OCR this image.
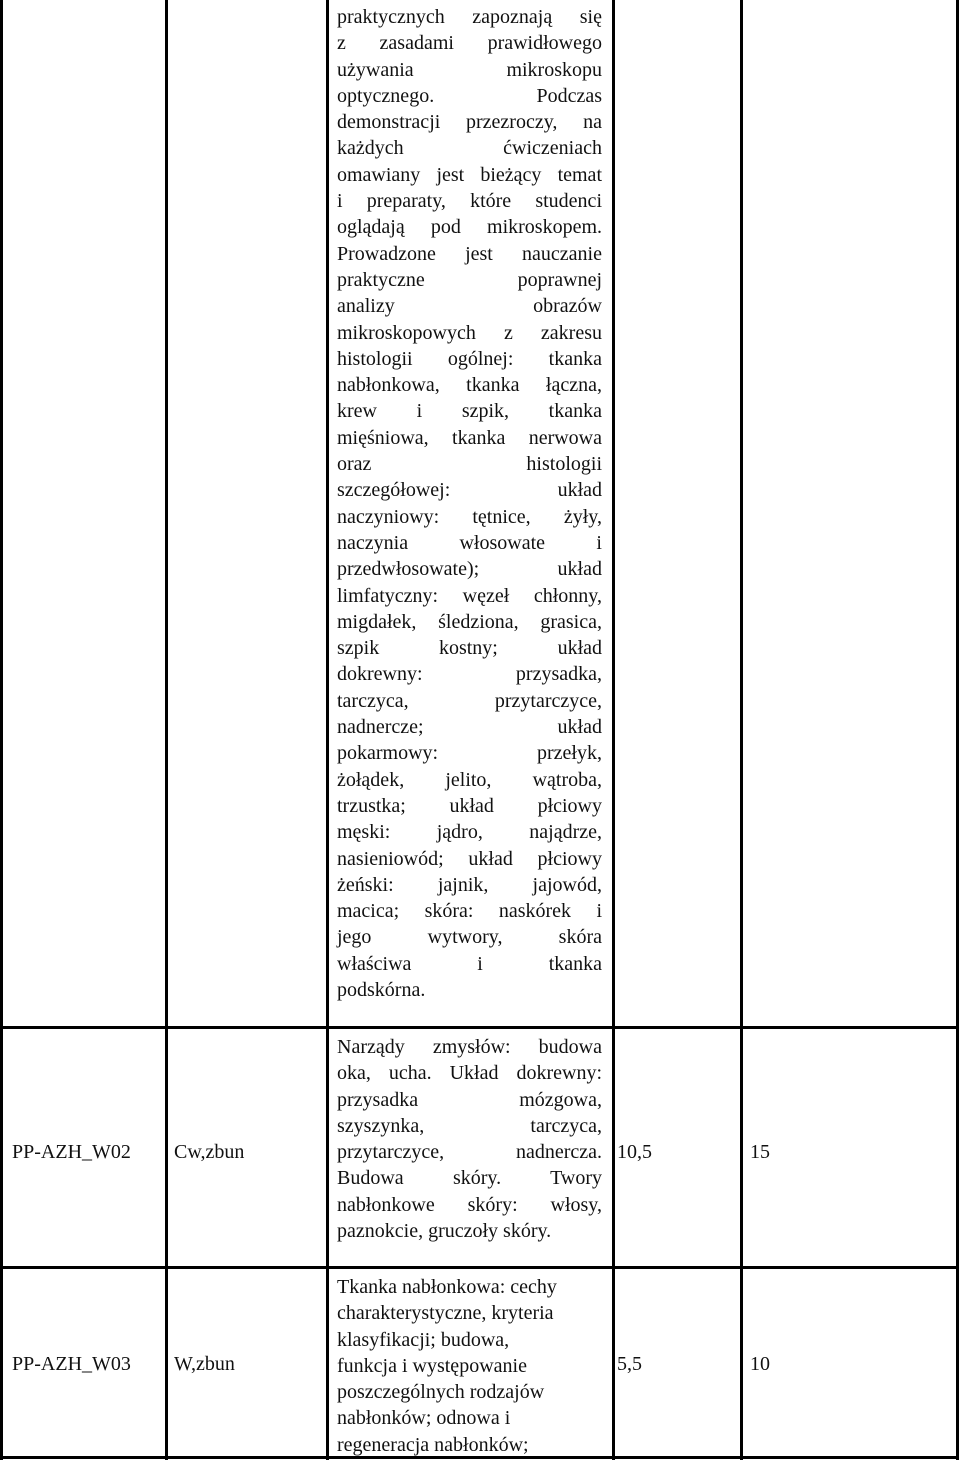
praktycznych zapoznają się
z zasadami prawidłowego
używania mikroskopu
optycznego. Podczas
demonstracji przezroczy, na
każdych ćwiczeniach
omawiany jest bieżący temat
i preparaty, które studenci
oglądają pod mikroskopem.
Prowadzone jest nauczanie
praktyczne poprawnej
analizy obrazów
mikroskopowych z zakresu
histologii ogólnej: tkanka
nabłonkowa, tkanka łączna,
krew i szpik, tkanka
mięśniowa, tkanka nerwowa
oraz histologii
szczegółowej: układ
naczyniowy: tętnice, żyły,
naczynia włosowate i
przedwłosowate); układ
limfatyczny: węzeł chłonny,
migdałek, śledziona, grasica,
szpik kostny; układ
dokrewny: przysadka,
tarczyca, przytarczyce,
nadnercze; układ
pokarmowy: przełyk,
żołądek, jelito, wątroba,
trzustka; układ płciowy
męski: jądro, najądrze,
nasieniowód; układ płciowy
żeński: jajnik, jajowód,
macica; skóra: naskórek i
jego wytwory, skóra
właściwa i tkanka
podskórna.
PP-AZH_W02 Cw,zbun
Narządy zmysłów: budowa
oka, ucha. Układ dokrewny:
przysadka mózgowa,
szyszynka, tarczyca,
przytarczyce, nadnercza.
Budowa skóry. Twory
nabłonkowe skóry: włosy,
paznokcie, gruczoły skóry.
10,5	15
PP-AZH_W03 W,zbun
Tkanka nabłonkowa: cechy
charakterystyczne, kryteria
klasyfikacji; budowa,
funkcja i występowanie
poszczególnych rodzajów
nabłonków; odnowa i
regeneracja nabłonków;
5,5	10
